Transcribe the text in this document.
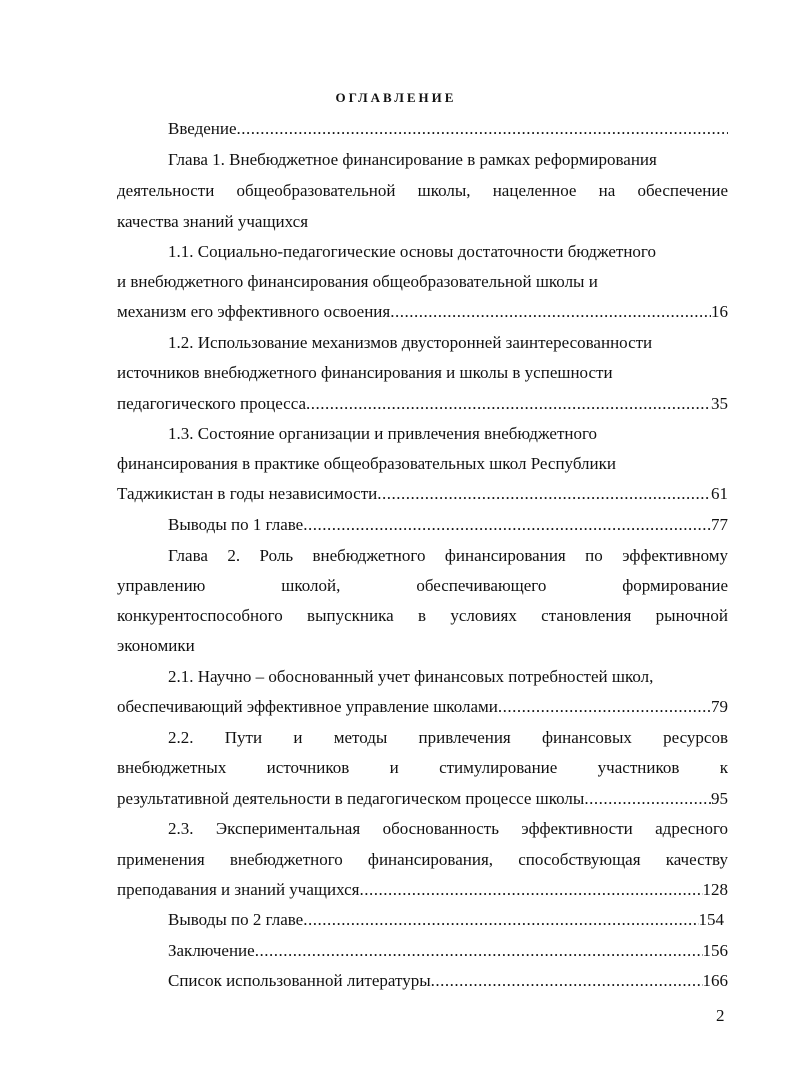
ОГЛАВЛЕНИЕ
Введение
.....
Глава 1. Внебюджетное финансирование в рамках реформирования
деятельности общеобразовательной школы, нацеленное на обеспечение
качества знаний учащихся
1.1. Социально-педагогические основы достаточности бюджетного
и внебюджетного финансирования общеобразовательной школы и
механизм его эффективного освоения .....	16
1.2. Использование механизмов двусторонней заинтересованности
источников внебюджетного финансирования и школы в успешности
педагогического процесса .....	35
1.3. Состояние организации и привлечения внебюджетного
финансирования в практике общеобразовательных школ Республики
Таджикистан в годы независимости .....	61
Выводы по 1 главе .....	77
Глава 2. Роль внебюджетного финансирования по эффективному
управлению школой, обеспечивающего формирование
конкурентоспособного выпускника в условиях становления рыночной
экономики
2.1. Научно – обоснованный учет финансовых потребностей школ,
обеспечивающий эффективное управление школами .....	79
2.2. Пути и методы привлечения финансовых ресурсов
внебюджетных источников и стимулирование участников к
результативной деятельности в педагогическом процессе школы .....	95
2.3. Экспериментальная обоснованность эффективности адресного
применения внебюджетного финансирования, способствующая качеству
преподавания и знаний учащихся .....	128
Выводы по 2 главе .....	154
Заключение .....	156
Список использованной литературы .....	166
2
